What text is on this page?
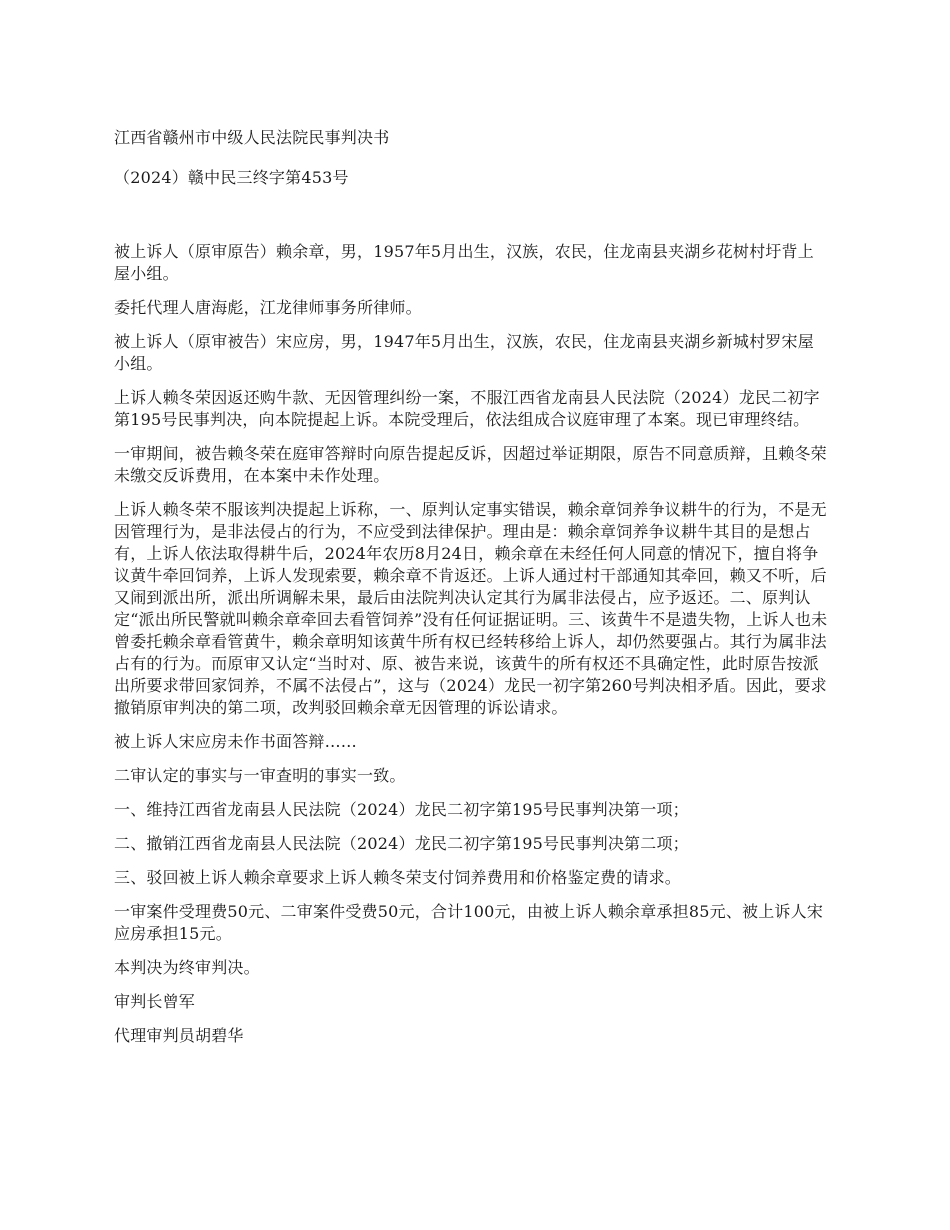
江西省赣州市中级人民法院民事判决书

（2024）赣中民三终字第453号

被上诉人（原审原告）赖余章，男，1957年5月出生，汉族，农民，住龙南县夹湖乡花树村圩背上屋小组。

委托代理人唐海彪，江龙律师事务所律师。

被上诉人（原审被告）宋应房，男，1947年5月出生，汉族，农民，住龙南县夹湖乡新城村罗宋屋小组。

上诉人赖冬荣因返还购牛款、无因管理纠纷一案，不服江西省龙南县人民法院（2024）龙民二初字第195号民事判决，向本院提起上诉。本院受理后，依法组成合议庭审理了本案。现已审理终结。

一审期间，被告赖冬荣在庭审答辩时向原告提起反诉，因超过举证期限，原告不同意质辩，且赖冬荣未缴交反诉费用，在本案中未作处理。

上诉人赖冬荣不服该判决提起上诉称，一、原判认定事实错误，赖余章饲养争议耕牛的行为，不是无因管理行为，是非法侵占的行为，不应受到法律保护。理由是：赖余章饲养争议耕牛其目的是想占有，上诉人依法取得耕牛后，2024年农历8月24日，赖余章在未经任何人同意的情况下，擅自将争议黄牛牵回饲养，上诉人发现索要，赖余章不肯返还。上诉人通过村干部通知其牵回，赖又不听，后又闹到派出所，派出所调解未果，最后由法院判决认定其行为属非法侵占，应予返还。二、原判认定“派出所民警就叫赖余章牵回去看管饲养”没有任何证据证明。三、该黄牛不是遗失物，上诉人也未曾委托赖余章看管黄牛，赖余章明知该黄牛所有权已经转移给上诉人，却仍然要强占。其行为属非法占有的行为。而原审又认定“当时对、原、被告来说，该黄牛的所有权还不具确定性，此时原告按派出所要求带回家饲养，不属不法侵占”，这与（2024）龙民一初字第260号判决相矛盾。因此，要求撤销原审判决的第二项，改判驳回赖余章无因管理的诉讼请求。

被上诉人宋应房未作书面答辩……

二审认定的事实与一审查明的事实一致。

一、维持江西省龙南县人民法院（2024）龙民二初字第195号民事判决第一项；

二、撤销江西省龙南县人民法院（2024）龙民二初字第195号民事判决第二项；

三、驳回被上诉人赖余章要求上诉人赖冬荣支付饲养费用和价格鉴定费的请求。

一审案件受理费50元、二审案件受费50元，合计100元，由被上诉人赖余章承担85元、被上诉人宋应房承担15元。

本判决为终审判决。

审判长曾军

代理审判员胡碧华
